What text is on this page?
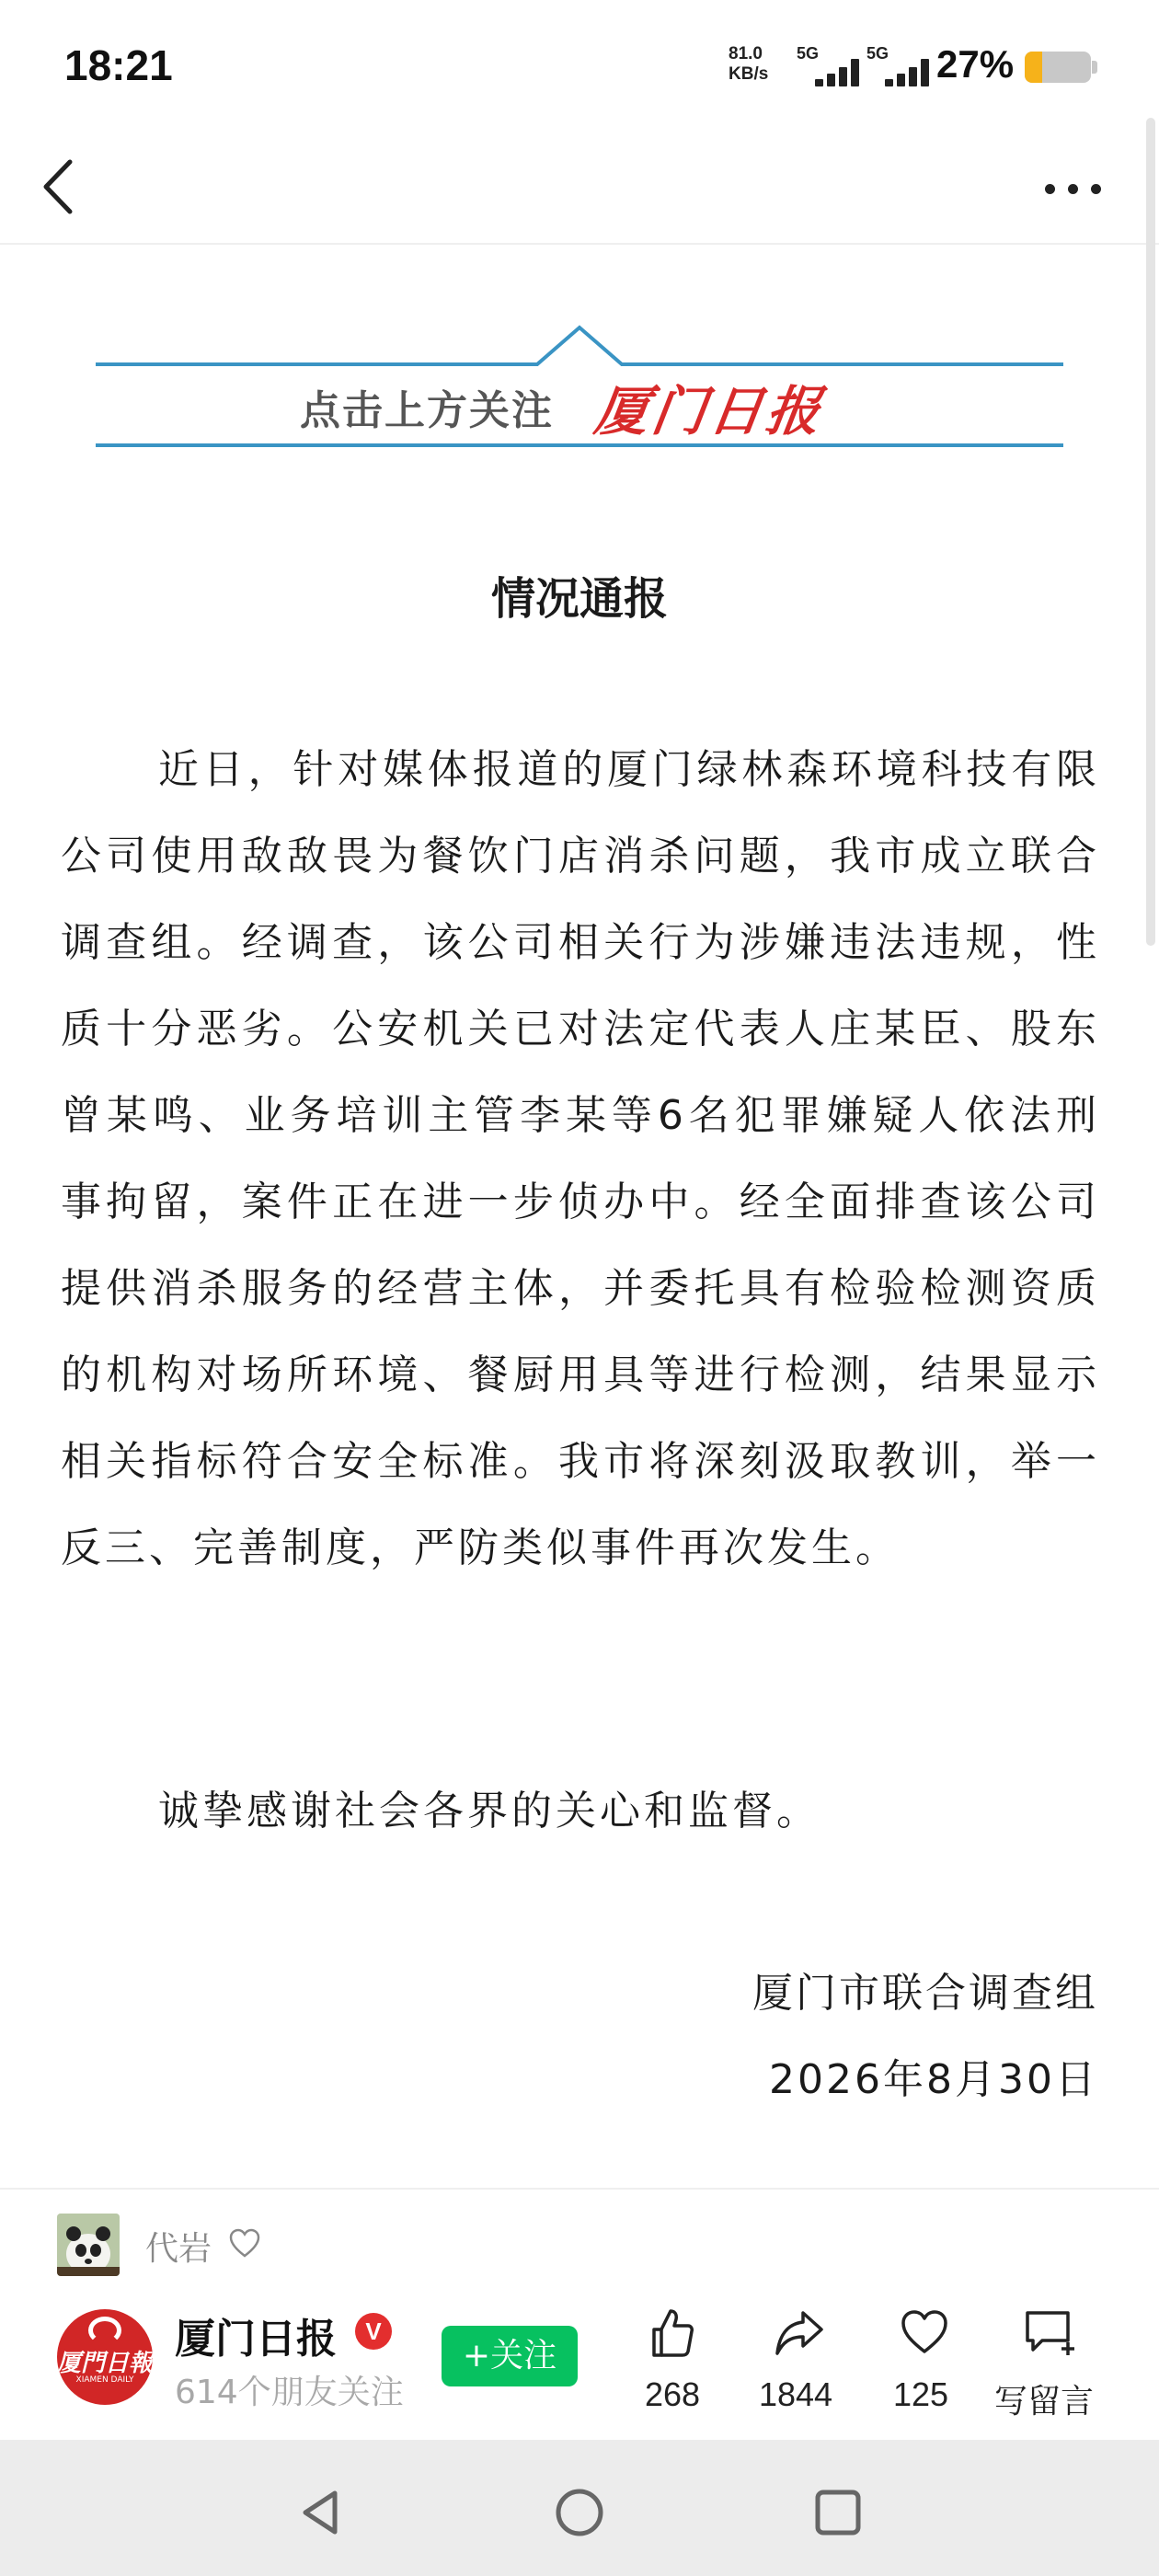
18:21	81.0
KB/s
5G	5G 27%
点击上方关注 厦门日报
情况通报
近日，针对媒体报道的厦门绿林森环境科技有限公司使用敌敌畏为餐饮门店消杀问题，我市成立联合调查组。经调查，该公司相关行为涉嫌违法违规，性质十分恶劣。公安机关已对法定代表人庄某臣、股东曾某鸣、业务培训主管李某等6名犯罪嫌疑人依法刑事拘留，案件正在进一步侦办中。经全面排查该公司提供消杀服务的经营主体，并委托具有检验检测资质的机构对场所环境、餐厨用具等进行检测，结果显示相关指标符合安全标准。我市将深刻汲取教训，举一反三、完善制度，严防类似事件再次发生。
诚挚感谢社会各界的关心和监督。
厦门市联合调查组
2026年8月30日
代岩
厦門日報
XIAMEN DAILY
厦门日报	V
614个朋友关注
+关注
268	1844	125	写留言
